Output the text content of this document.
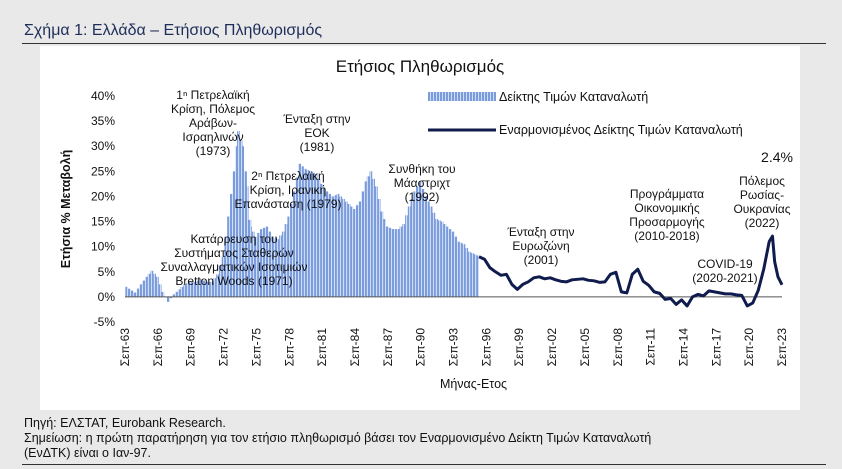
Σχήμα 1: Ελλάδα – Ετήσιος Πληθωρισμός
Ετήσιος Πληθωρισμός
-5%
0%
5%
10%
15%
20%
25%
30%
35%
40%
Ετήσια % Μεταβολή
Σεπ-63 Σεπ-66 Σεπ-69 Σεπ-72 Σεπ-75 Σεπ-78 Σεπ-81 Σεπ-84 Σεπ-87 Σεπ-90 Σεπ-93 Σεπ-96 Σεπ-99 Σεπ-02 Σεπ-05 Σεπ-08 Σεπ-11 Σεπ-14 Σεπ-17 Σεπ-20 Σεπ-23
Μήνας-Ετος
Δείκτης Τιμών Καταναλωτή
Εναρμονισμένος Δείκτης Τιμών Καταναλωτή
1ⁿ Πετρελαϊκή
Κρίση, Πόλεμος
Αράβων-
Ισραηλινών
(1973)
Ένταξη στην
ΕΟΚ
(1981)
2ⁿ Πετρελαϊκή
Κρίση, Ιρανική
Επανάσταση (1979)
Κατάρρευση του
Συστήματος Σταθερών
Συναλλαγματικών Ισοτιμιών
Bretton Woods (1971)
Συνθήκη του
Μάαστριχτ
(1992)
Ένταξη στην
Ευρωζώνη
(2001)
Προγράμματα
Οικονομικής
Προσαρμογής
(2010-2018)
Πόλεμος
Ρωσίας-
Ουκρανίας
(2022)
COVID-19
(2020-2021)
2.4%
Πηγή: ΕΛΣΤΑΤ, Eurobank Research.
Σημείωση: η πρώτη παρατήρηση για τον ετήσιο πληθωρισμό βάσει τον Εναρμονισμένο Δείκτη Τιμών Καταναλωτή
(ΕνΔΤΚ) είναι ο Ιαν-97.
